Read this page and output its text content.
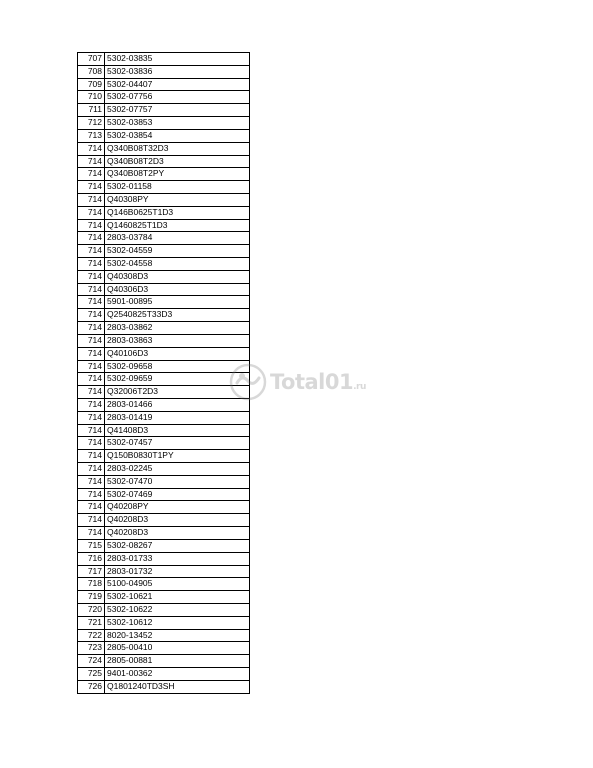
707 5302-03835
708 5302-03836
709 5302-04407
710 5302-07756
711 5302-07757
712 5302-03853
713 5302-03854
714 Q340B08T32D3
714 Q340B08T2D3
714 Q340B08T2PY
714 5302-01158
714 Q40308PY
714 Q146B0625T1D3
714 Q1460825T1D3
714 2803-03784
714 5302-04559
714 5302-04558
714 Q40308D3
714 Q40306D3
714 5901-00895
714 Q2540825T33D3
714 2803-03862
714 2803-03863
714 Q40106D3
714 5302-09658
714 5302-09659
714 Q32006T2D3
714 2803-01466
714 2803-01419
714 Q41408D3
714 5302-07457
714 Q150B0830T1PY
714 2803-02245
714 5302-07470
714 5302-07469
714 Q40208PY
714 Q40208D3
714 Q40208D3
715 5302-08267
716 2803-01733
717 2803-01732
718 5100-04905
719 5302-10621
720 5302-10622
721 5302-10612
722 8020-13452
723 2805-00410
724 2805-00881
725 9401-00362
726 Q1801240TD3SH
Total01.ru
